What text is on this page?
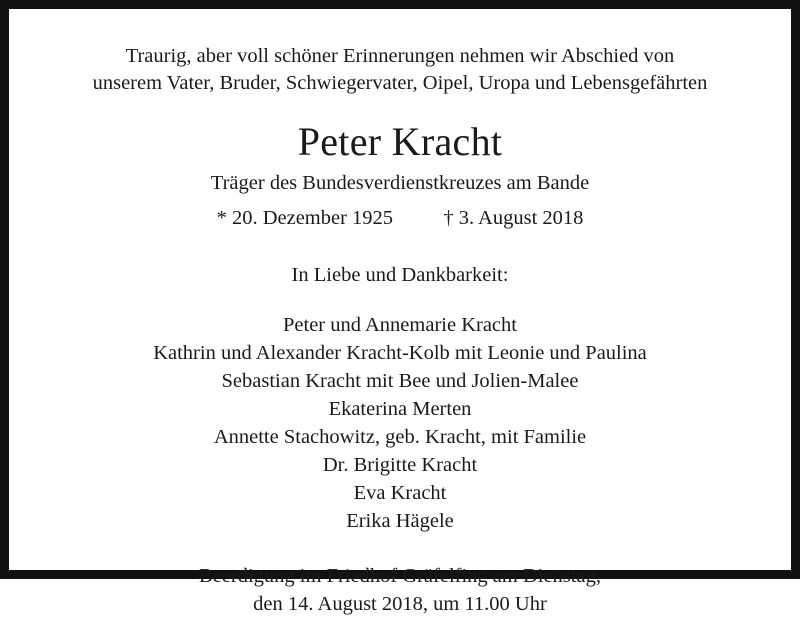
Traurig, aber voll schöner Erinnerungen nehmen wir Abschied von
unserem Vater, Bruder, Schwiegervater, Oipel, Uropa und Lebensgefährten
Peter Kracht
Träger des Bundesverdienstkreuzes am Bande
* 20. Dezember 1925 † 3. August 2018
In Liebe und Dankbarkeit:
Peter und Annemarie Kracht
Kathrin und Alexander Kracht-Kolb mit Leonie und Paulina
Sebastian Kracht mit Bee und Jolien-Malee
Ekaterina Merten
Annette Stachowitz, geb. Kracht, mit Familie
Dr. Brigitte Kracht
Eva Kracht
Erika Hägele
Beerdigung im Friedhof Gräfelfing am Dienstag,
den 14. August 2018, um 11.00 Uhr
